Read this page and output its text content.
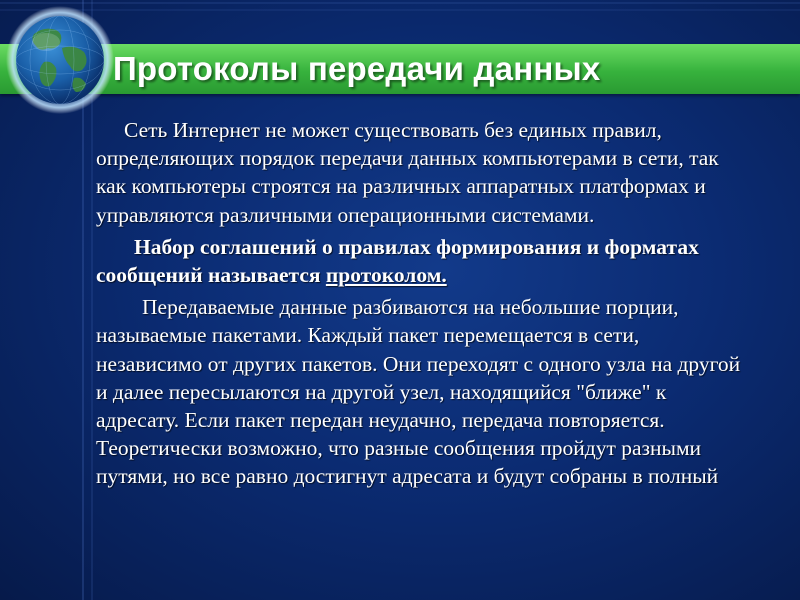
Протоколы передачи данных

Сеть Интернет не может существовать без единых правил, определяющих порядок передачи данных компьютерами в сети, так как компьютеры строятся на различных аппаратных платформах и управляются различными операционными системами.

Набор соглашений о правилах формирования и форматах сообщений называется протоколом.

Передаваемые данные разбиваются на небольшие порции, называемые пакетами. Каждый пакет перемещается в сети, независимо от других пакетов. Они переходят с одного узла на другой и далее пересылаются на другой узел, находящийся "ближе" к адресату. Если пакет передан неудачно, передача повторяется. Теоретически возможно, что разные сообщения пройдут разными путями, но все равно достигнут адресата и будут собраны в полный
